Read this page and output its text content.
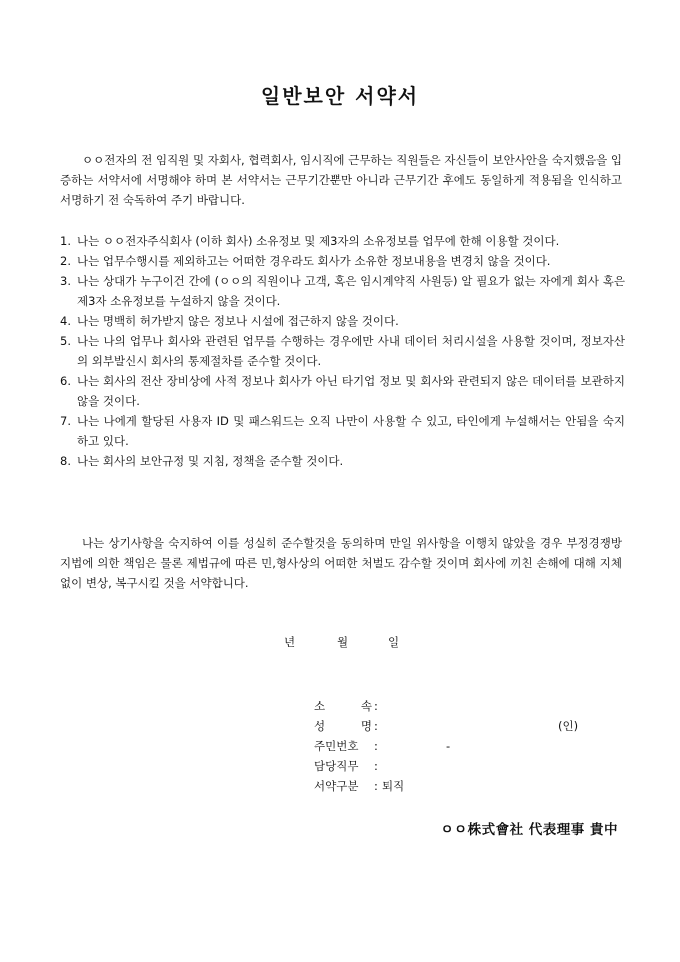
일반보안 서약서

ㅇㅇ전자의 전 임직원 및 자회사, 협력회사, 임시직에 근무하는 직원들은 자신들이 보안사안을 숙지했음을 입증하는 서약서에 서명해야 하며 본 서약서는 근무기간뿐만 아니라 근무기간 후에도 동일하게 적용됨을 인식하고 서명하기 전 숙독하여 주기 바랍니다.

1. 나는 ㅇㅇ전자주식회사 (이하 회사) 소유정보 및 제3자의 소유정보를 업무에 한해 이용할 것이다.
2. 나는 업무수행시를 제외하고는 어떠한 경우라도 회사가 소유한 정보내용을 변경치 않을 것이다.
3. 나는 상대가 누구이건 간에 (ㅇㅇ의 직원이나 고객, 혹은 임시계약직 사원등) 알 필요가 없는 자에게 회사 혹은 제3자 소유정보를 누설하지 않을 것이다.
4. 나는 명백히 허가받지 않은 정보나 시설에 접근하지 않을 것이다.
5. 나는 나의 업무나 회사와 관련된 업무를 수행하는 경우에만 사내 데이터 처리시설을 사용할 것이며, 정보자산의 외부발신시 회사의 통제절차를 준수할 것이다.
6. 나는 회사의 전산 장비상에 사적 정보나 회사가 아닌 타기업 정보 및 회사와 관련되지 않은 데이터를 보관하지 않을 것이다.
7. 나는 나에게 할당된 사용자 ID 및 패스워드는 오직 나만이 사용할 수 있고, 타인에게 누설해서는 안됨을 숙지하고 있다.
8. 나는 회사의 보안규정 및 지침, 정책을 준수할 것이다.

나는 상기사항을 숙지하여 이를 성실히 준수할것을 동의하며 만일 위사항을 이행치 않았을 경우 부정경쟁방지법에 의한 책임은 물론 제법규에 따른 민,형사상의 어떠한 처벌도 감수할 것이며 회사에 끼친 손해에 대해 지체없이 변상, 복구시킬 것을 서약합니다.

년	월	일
소 속 :
성 명 :	(인)
주민번호	:	-
담당직무	:
서약구분	: 퇴직
ㅇㅇ株式會社 代表理事 貴中
